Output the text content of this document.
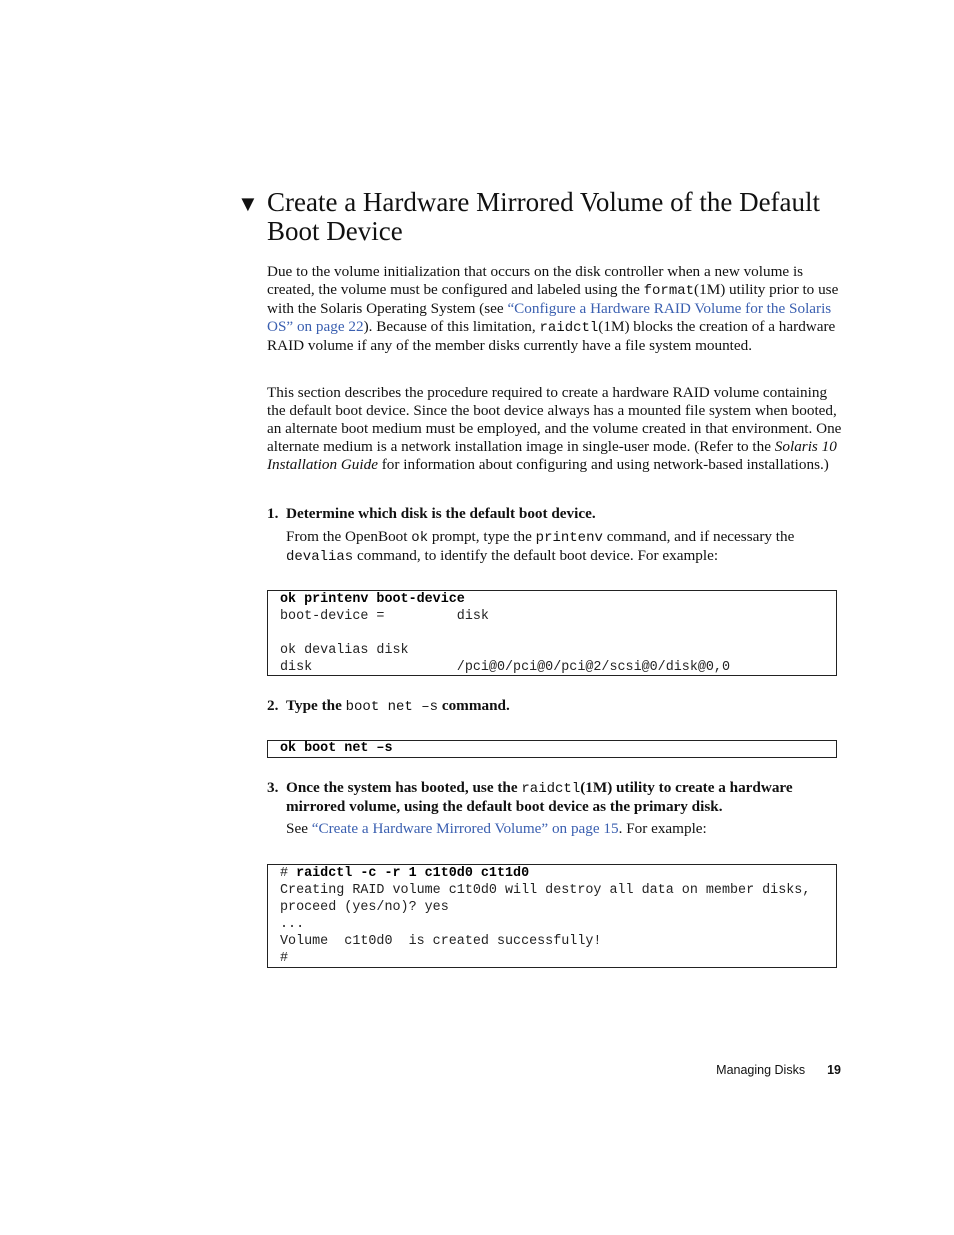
▼ Create a Hardware Mirrored Volume of the Default Boot Device

Due to the volume initialization that occurs on the disk controller when a new volume is created, the volume must be configured and labeled using the format(1M) utility prior to use with the Solaris Operating System (see “Configure a Hardware RAID Volume for the Solaris OS” on page 22). Because of this limitation, raidctl(1M) blocks the creation of a hardware RAID volume if any of the member disks currently have a file system mounted.

This section describes the procedure required to create a hardware RAID volume containing the default boot device. Since the boot device always has a mounted file system when booted, an alternate boot medium must be employed, and the volume created in that environment. One alternate medium is a network installation image in single-user mode. (Refer to the Solaris 10 Installation Guide for information about configuring and using network-based installations.)

1. Determine which disk is the default boot device.

From the OpenBoot ok prompt, type the printenv command, and if necessary the devalias command, to identify the default boot device. For example:

ok printenv boot-device
boot-device =         disk

ok devalias disk
disk                  /pci@0/pci@0/pci@2/scsi@0/disk@0,0

2. Type the boot net –s command.

ok boot net –s

3. Once the system has booted, use the raidctl(1M) utility to create a hardware mirrored volume, using the default boot device as the primary disk.

See “Create a Hardware Mirrored Volume” on page 15. For example:

# raidctl -c -r 1 c1t0d0 c1t1d0
Creating RAID volume c1t0d0 will destroy all data on member disks,
proceed (yes/no)? yes
...
Volume  c1t0d0  is created successfully!
#
Managing Disks 19
